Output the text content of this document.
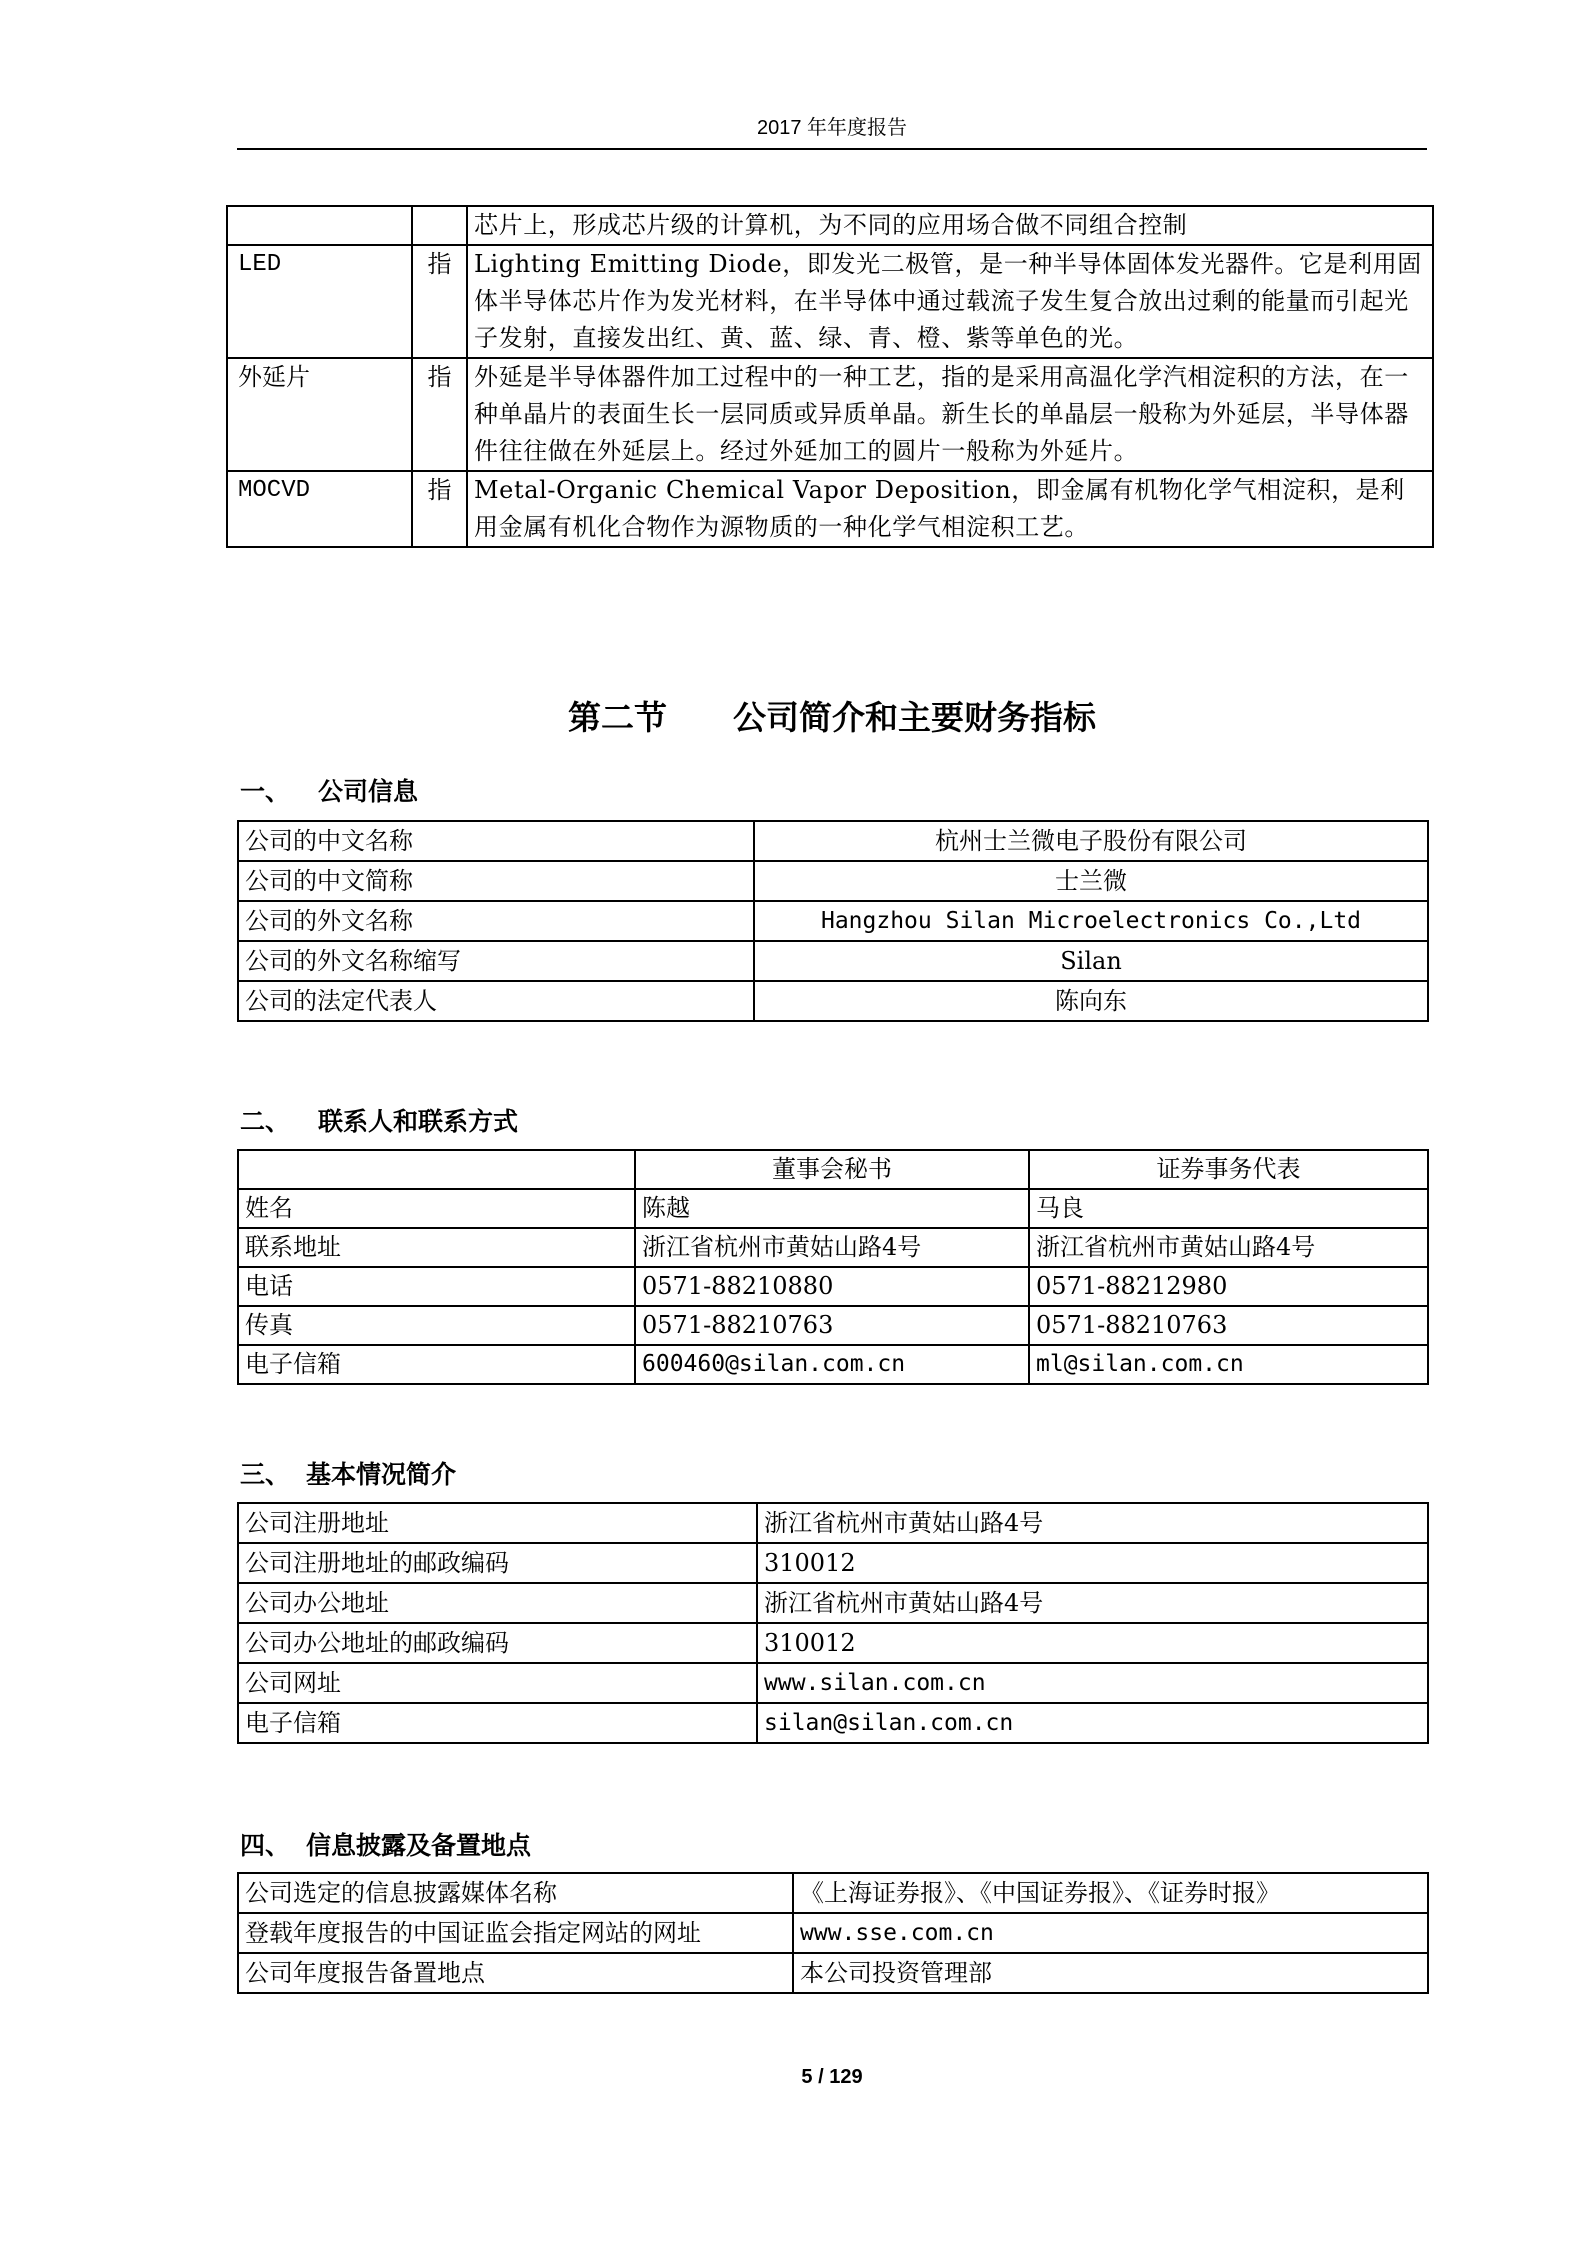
2017 年年度报告
		芯片上，形成芯片级的计算机，为不同的应用场合做不同组合控制
LED	指	Lighting Emitting Diode，即发光二极管，是一种半导体固体发光器件。它是利用固体半导体芯片作为发光材料，在半导体中通过载流子发生复合放出过剩的能量而引起光子发射，直接发出红、黄、蓝、绿、青、橙、紫等单色的光。
外延片	指	外延是半导体器件加工过程中的一种工艺，指的是采用高温化学汽相淀积的方法，在一种单晶片的表面生长一层同质或异质单晶。新生长的单晶层一般称为外延层，半导体器件往往做在外延层上。经过外延加工的圆片一般称为外延片。
MOCVD	指	Metal-Organic Chemical Vapor Deposition，即金属有机物化学气相淀积，是利用金属有机化合物作为源物质的一种化学气相淀积工艺。
第二节　　公司简介和主要财务指标
一、 公司信息
公司的中文名称	杭州士兰微电子股份有限公司
公司的中文简称	士兰微
公司的外文名称	Hangzhou Silan Microelectronics Co.,Ltd
公司的外文名称缩写	Silan
公司的法定代表人	陈向东
二、 联系人和联系方式
	董事会秘书	证券事务代表
姓名	陈越	马良
联系地址	浙江省杭州市黄姑山路4号	浙江省杭州市黄姑山路4号
电话	0571-88210880	0571-88212980
传真	0571-88210763	0571-88210763
电子信箱	600460@silan.com.cn	ml@silan.com.cn
三、 基本情况简介
公司注册地址	浙江省杭州市黄姑山路4号
公司注册地址的邮政编码	310012
公司办公地址	浙江省杭州市黄姑山路4号
公司办公地址的邮政编码	310012
公司网址	www.silan.com.cn
电子信箱	silan@silan.com.cn
四、 信息披露及备置地点
公司选定的信息披露媒体名称	《上海证券报》、《中国证券报》、《证券时报》
登载年度报告的中国证监会指定网站的网址	www.sse.com.cn
公司年度报告备置地点	本公司投资管理部
5 / 129
